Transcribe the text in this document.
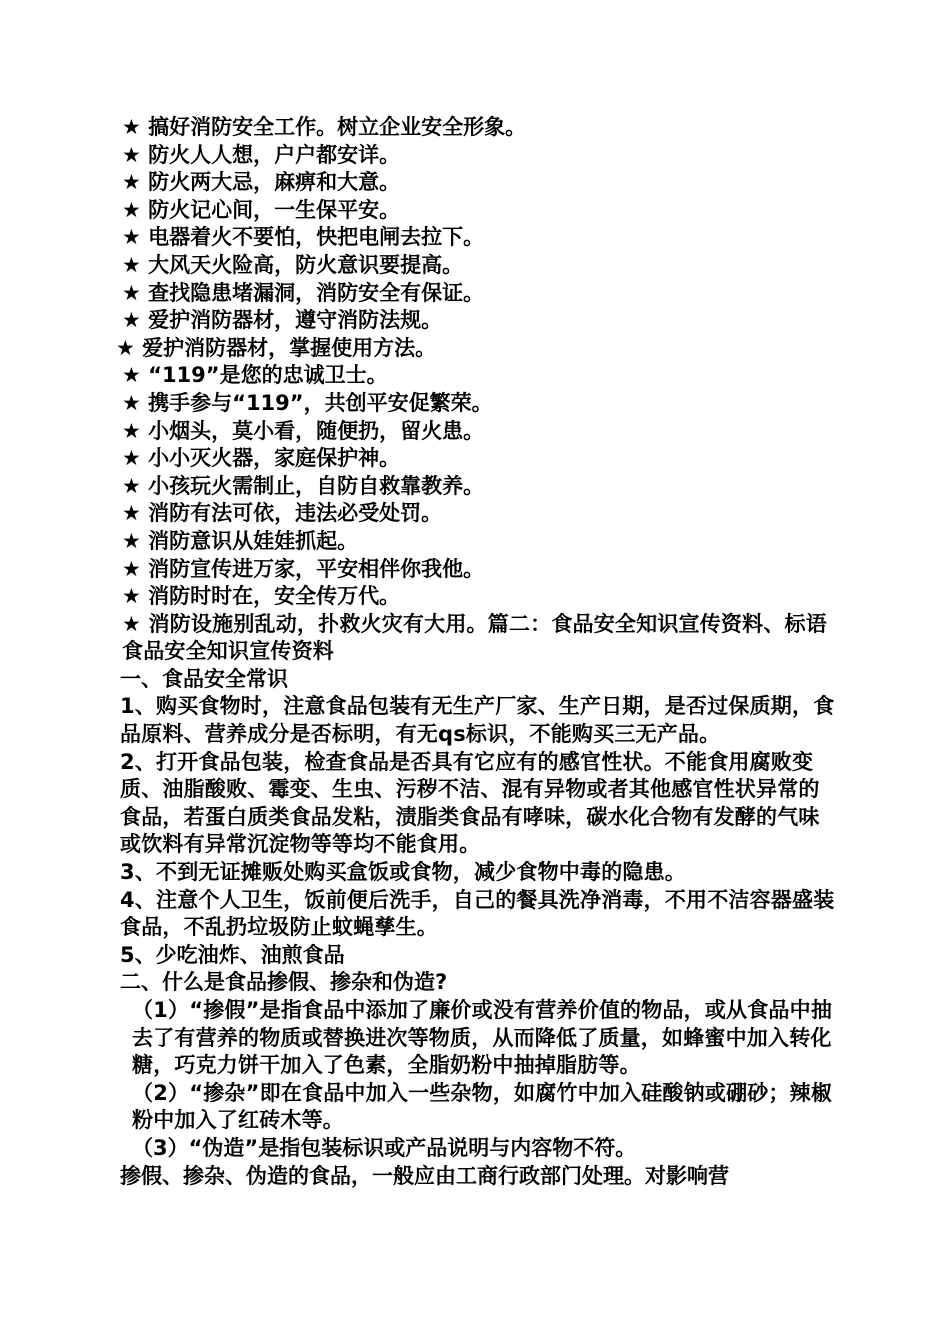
★ 搞好消防安全工作。树立企业安全形象。
★ 防火人人想，户户都安详。
★ 防火两大忌，麻痹和大意。
★ 防火记心间，一生保平安。
★ 电器着火不要怕，快把电闸去拉下。
★ 大风天火险高，防火意识要提高。
★ 查找隐患堵漏洞，消防安全有保证。
★ 爱护消防器材，遵守消防法规。
★ 爱护消防器材，掌握使用方法。
★ “119”是您的忠诚卫士。
★ 携手参与“119”，共创平安促繁荣。
★ 小烟头，莫小看，随便扔，留火患。
★ 小小灭火器，家庭保护神。
★ 小孩玩火需制止，自防自救靠教养。
★ 消防有法可依，违法必受处罚。
★ 消防意识从娃娃抓起。
★ 消防宣传进万家，平安相伴你我他。
★ 消防时时在，安全传万代。
★ 消防设施别乱动，扑救火灾有大用。篇二：食品安全知识宣传资料、标语食品安全知识宣传资料
一、食品安全常识
1、购买食物时，注意食品包装有无生产厂家、生产日期，是否过保质期，食品原料、营养成分是否标明，有无qs标识，不能购买三无产品。
2、打开食品包装，检查食品是否具有它应有的感官性状。不能食用腐败变质、油脂酸败、霉变、生虫、污秽不洁、混有异物或者其他感官性状异常的食品，若蛋白质类食品发粘，渍脂类食品有哮味，碳水化合物有发酵的气味或饮料有异常沉淀物等等均不能食用。
3、不到无证摊贩处购买盒饭或食物，减少食物中毒的隐患。
4、注意个人卫生，饭前便后洗手，自己的餐具洗净消毒，不用不洁容器盛装食品，不乱扔垃圾防止蚊蝇孳生。
5、少吃油炸、油煎食品
二、什么是食品掺假、掺杂和伪造?
（1）“掺假”是指食品中添加了廉价或没有营养价值的物品，或从食品中抽去了有营养的物质或替换进次等物质，从而降低了质量，如蜂蜜中加入转化糖，巧克力饼干加入了色素，全脂奶粉中抽掉脂肪等。
（2）“掺杂”即在食品中加入一些杂物，如腐竹中加入硅酸钠或硼砂；辣椒粉中加入了红砖木等。
（3）“伪造”是指包装标识或产品说明与内容物不符。
掺假、掺杂、伪造的食品，一般应由工商行政部门处理。对影响营
